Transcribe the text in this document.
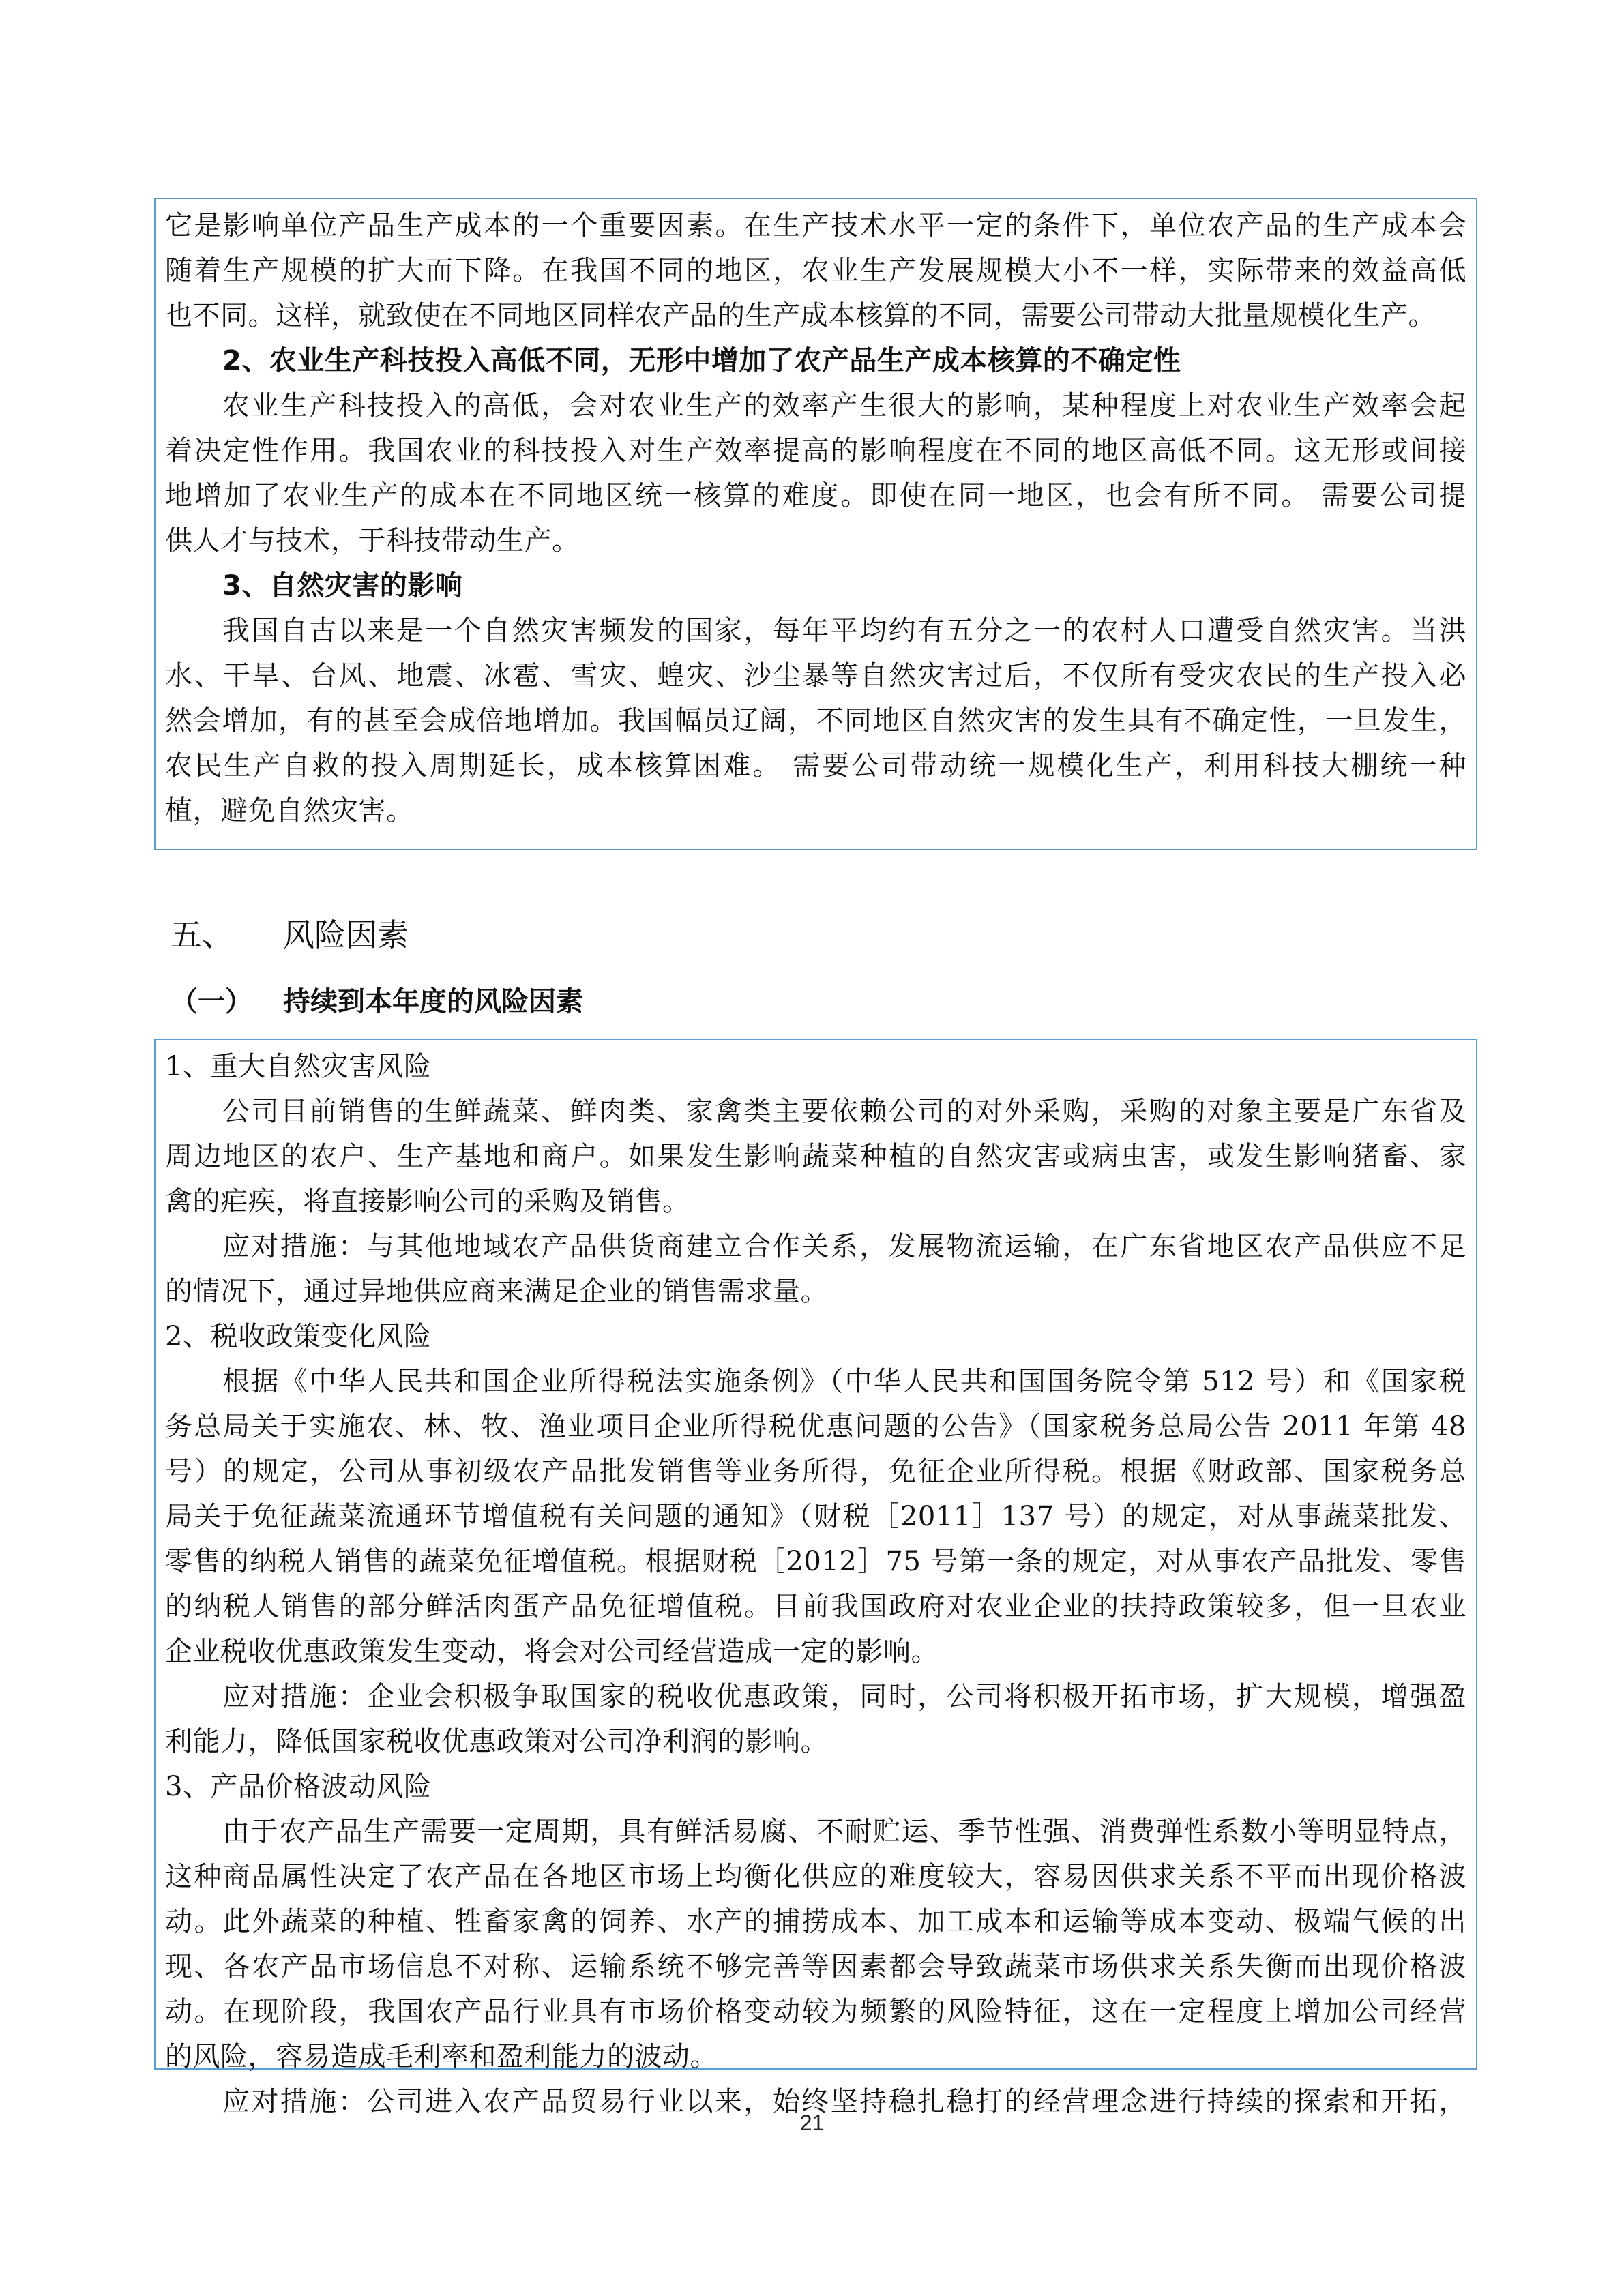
它是影响单位产品生产成本的一个重要因素。在生产技术水平一定的条件下，单位农产品的生产成本会
随着生产规模的扩大而下降。在我国不同的地区，农业生产发展规模大小不一样，实际带来的效益高低
也不同。这样，就致使在不同地区同样农产品的生产成本核算的不同，需要公司带动大批量规模化生产。
2、农业生产科技投入高低不同，无形中增加了农产品生产成本核算的不确定性
农业生产科技投入的高低，会对农业生产的效率产生很大的影响，某种程度上对农业生产效率会起
着决定性作用。我国农业的科技投入对生产效率提高的影响程度在不同的地区高低不同。这无形或间接
地增加了农业生产的成本在不同地区统一核算的难度。即使在同一地区，也会有所不同。 需要公司提
供人才与技术，于科技带动生产。
3、自然灾害的影响
我国自古以来是一个自然灾害频发的国家，每年平均约有五分之一的农村人口遭受自然灾害。当洪
水、干旱、台风、地震、冰雹、雪灾、蝗灾、沙尘暴等自然灾害过后，不仅所有受灾农民的生产投入必
然会增加，有的甚至会成倍地增加。我国幅员辽阔，不同地区自然灾害的发生具有不确定性，一旦发生，
农民生产自救的投入周期延长，成本核算困难。 需要公司带动统一规模化生产，利用科技大棚统一种
植，避免自然灾害。
五、 风险因素
（一） 持续到本年度的风险因素
1、重大自然灾害风险
公司目前销售的生鲜蔬菜、鲜肉类、家禽类主要依赖公司的对外采购，采购的对象主要是广东省及
周边地区的农户、生产基地和商户。如果发生影响蔬菜种植的自然灾害或病虫害，或发生影响猪畜、家
禽的疟疾，将直接影响公司的采购及销售。
应对措施：与其他地域农产品供货商建立合作关系，发展物流运输，在广东省地区农产品供应不足
的情况下，通过异地供应商来满足企业的销售需求量。
2、税收政策变化风险
根据《中华人民共和国企业所得税法实施条例》（中华人民共和国国务院令第 512 号）和《国家税
务总局关于实施农、林、牧、渔业项目企业所得税优惠问题的公告》（国家税务总局公告 2011 年第 48
号）的规定，公司从事初级农产品批发销售等业务所得，免征企业所得税。根据《财政部、国家税务总
局关于免征蔬菜流通环节增值税有关问题的通知》（财税［2011］137 号）的规定，对从事蔬菜批发、
零售的纳税人销售的蔬菜免征增值税。根据财税［2012］75 号第一条的规定，对从事农产品批发、零售
的纳税人销售的部分鲜活肉蛋产品免征增值税。目前我国政府对农业企业的扶持政策较多，但一旦农业
企业税收优惠政策发生变动，将会对公司经营造成一定的影响。
应对措施：企业会积极争取国家的税收优惠政策，同时，公司将积极开拓市场，扩大规模，增强盈
利能力，降低国家税收优惠政策对公司净利润的影响。
3、产品价格波动风险
由于农产品生产需要一定周期，具有鲜活易腐、不耐贮运、季节性强、消费弹性系数小等明显特点，
这种商品属性决定了农产品在各地区市场上均衡化供应的难度较大，容易因供求关系不平而出现价格波
动。此外蔬菜的种植、牲畜家禽的饲养、水产的捕捞成本、加工成本和运输等成本变动、极端气候的出
现、各农产品市场信息不对称、运输系统不够完善等因素都会导致蔬菜市场供求关系失衡而出现价格波
动。在现阶段，我国农产品行业具有市场价格变动较为频繁的风险特征，这在一定程度上增加公司经营
的风险，容易造成毛利率和盈利能力的波动。
应对措施：公司进入农产品贸易行业以来，始终坚持稳扎稳打的经营理念进行持续的探索和开拓，
21
